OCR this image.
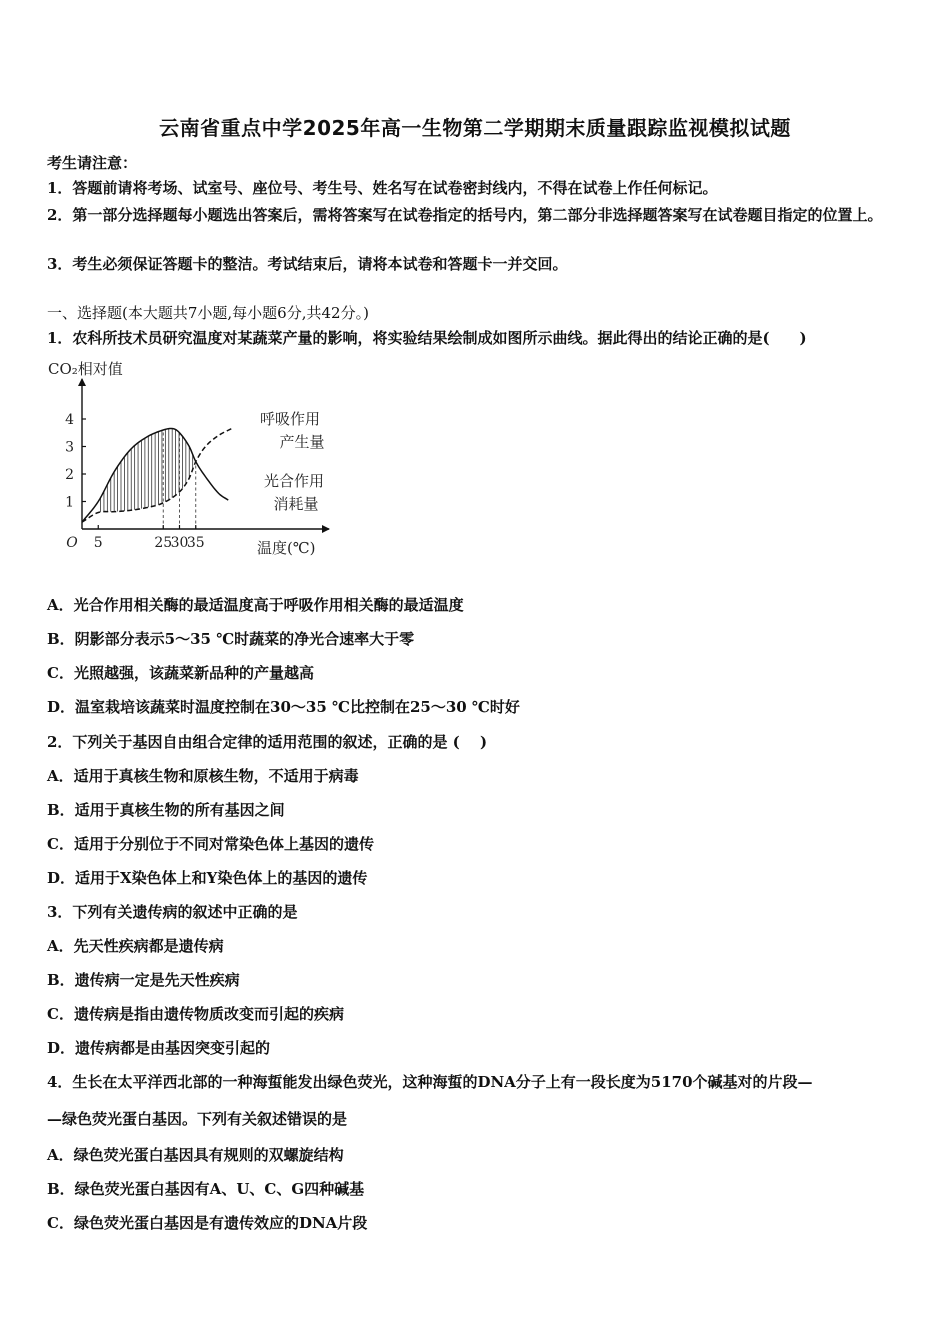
云南省重点中学2025年高一生物第二学期期末质量跟踪监视模拟试题
考生请注意：
1．答题前请将考场、试室号、座位号、考生号、姓名写在试卷密封线内，不得在试卷上作任何标记。
2．第一部分选择题每小题选出答案后，需将答案写在试卷指定的括号内，第二部分非选择题答案写在试卷题目指定的位置上。
3．考生必须保证答题卡的整洁。考试结束后，请将本试卷和答题卡一并交回。
一、选择题(本大题共7小题,每小题6分,共42分。)
1．农科所技术员研究温度对某蔬菜产量的影响，将实验结果绘制成如图所示曲线。据此得出的结论正确的是(　　)
1
2
3
4
5	25
30
35
O
CO₂相对值
温度(℃)
呼吸作用
产生量
光合作用
消耗量
A．光合作用相关酶的最适温度高于呼吸作用相关酶的最适温度
B．阴影部分表示5～35 ℃时蔬菜的净光合速率大于零
C．光照越强，该蔬菜新品种的产量越高
D．温室栽培该蔬菜时温度控制在30～35 ℃比控制在25～30 ℃时好
2．下列关于基因自由组合定律的适用范围的叙述，正确的是 (　 )
A．适用于真核生物和原核生物，不适用于病毒
B．适用于真核生物的所有基因之间
C．适用于分别位于不同对常染色体上基因的遗传
D．适用于X染色体上和Y染色体上的基因的遗传
3．下列有关遗传病的叙述中正确的是
A．先天性疾病都是遗传病
B．遗传病一定是先天性疾病
C．遗传病是指由遗传物质改变而引起的疾病
D．遗传病都是由基因突变引起的
4．生长在太平洋西北部的一种海蜇能发出绿色荧光，这种海蜇的DNA分子上有一段长度为5170个碱基对的片段—
—绿色荧光蛋白基因。下列有关叙述错误的是
A．绿色荧光蛋白基因具有规则的双螺旋结构
B．绿色荧光蛋白基因有A、U、C、G四种碱基
C．绿色荧光蛋白基因是有遗传效应的DNA片段
